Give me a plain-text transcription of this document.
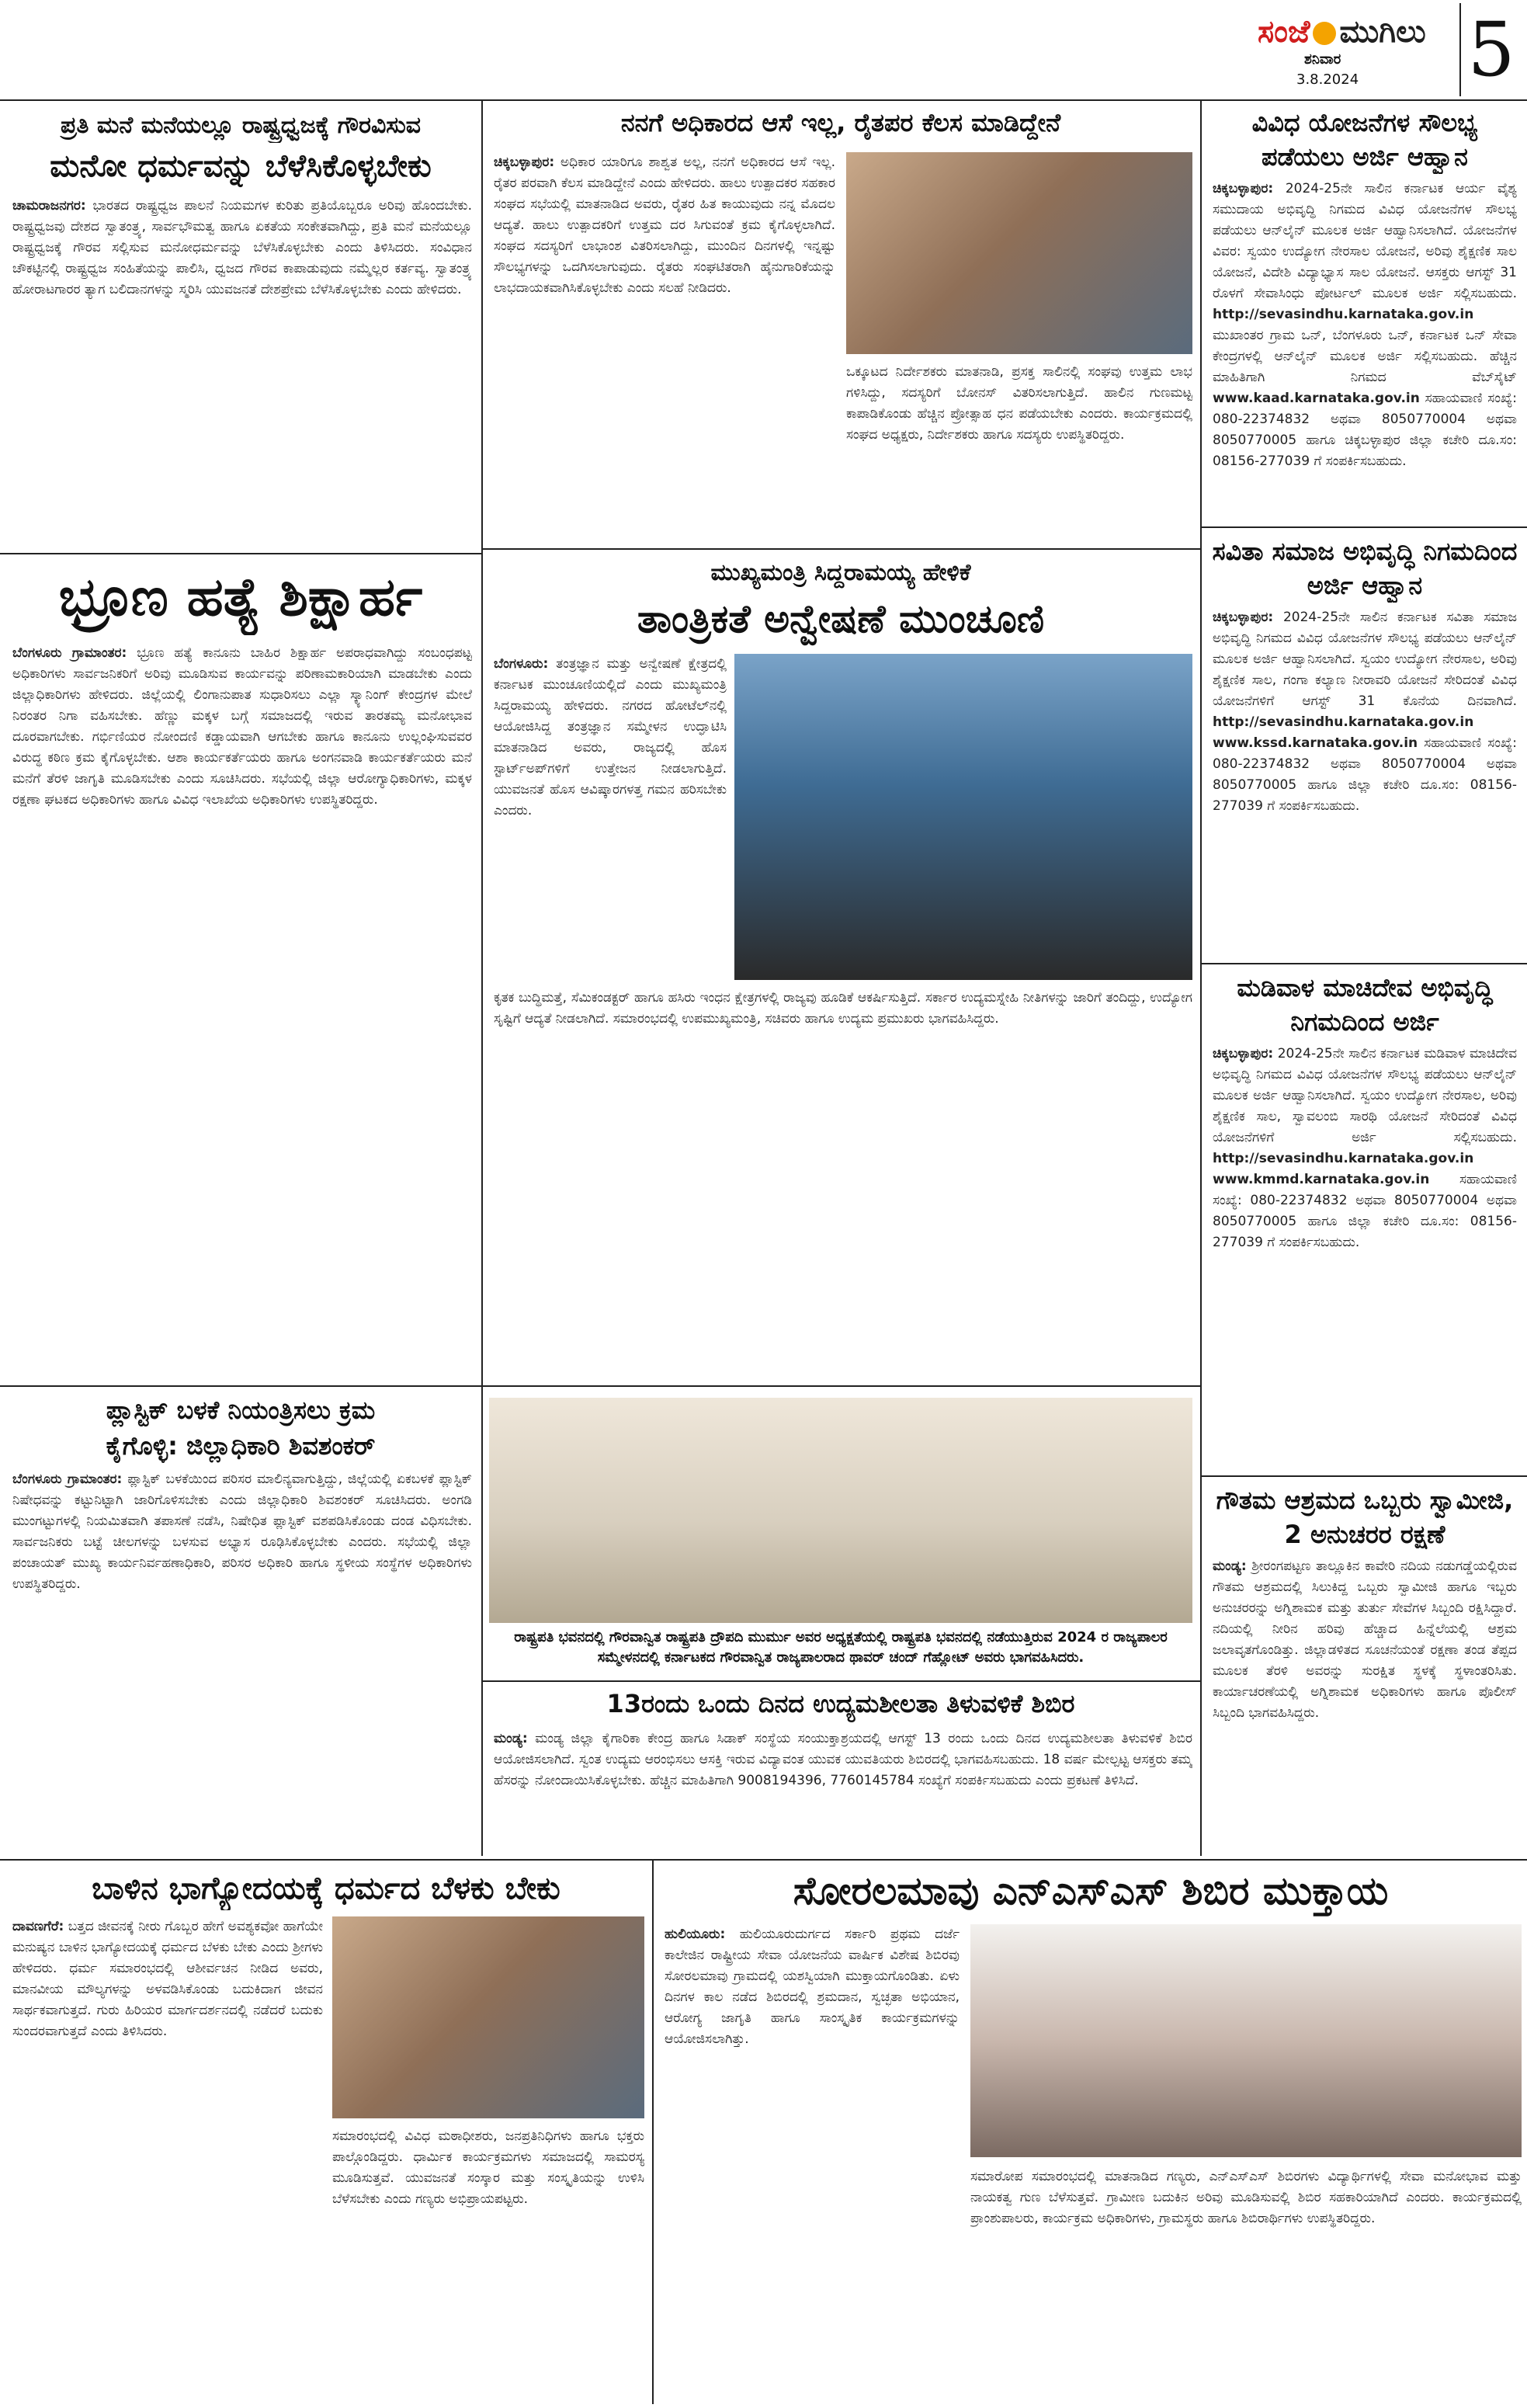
ಸಂಜೆ ಮುಗಿಲು
ಶನಿವಾರ
3.8.2024	5
ಪ್ರತಿ ಮನೆ ಮನೆಯಲ್ಲೂ ರಾಷ್ಟ್ರಧ್ವಜಕ್ಕೆ ಗೌರವಿಸುವ
ಮನೋ ಧರ್ಮವನ್ನು ಬೆಳೆಸಿಕೊಳ್ಳಬೇಕು
ಚಾಮರಾಜನಗರ: ಭಾರತದ ರಾಷ್ಟ್ರಧ್ವಜ ಪಾಲನೆ ನಿಯಮಗಳ ಕುರಿತು ಪ್ರತಿಯೊಬ್ಬರೂ ಅರಿವು ಹೊಂದಬೇಕು. ರಾಷ್ಟ್ರಧ್ವಜವು ದೇಶದ ಸ್ವಾತಂತ್ರ್ಯ, ಸಾರ್ವಭೌಮತ್ವ ಹಾಗೂ ಏಕತೆಯ ಸಂಕೇತವಾಗಿದ್ದು, ಪ್ರತಿ ಮನೆ ಮನೆಯಲ್ಲೂ ರಾಷ್ಟ್ರಧ್ವಜಕ್ಕೆ ಗೌರವ ಸಲ್ಲಿಸುವ ಮನೋಧರ್ಮವನ್ನು ಬೆಳೆಸಿಕೊಳ್ಳಬೇಕು ಎಂದು ತಿಳಿಸಿದರು. ಸಂವಿಧಾನ ಚೌಕಟ್ಟಿನಲ್ಲಿ ರಾಷ್ಟ್ರಧ್ವಜ ಸಂಹಿತೆಯನ್ನು ಪಾಲಿಸಿ, ಧ್ವಜದ ಗೌರವ ಕಾಪಾಡುವುದು ನಮ್ಮೆಲ್ಲರ ಕರ್ತವ್ಯ. ಸ್ವಾತಂತ್ರ್ಯ ಹೋರಾಟಗಾರರ ತ್ಯಾಗ ಬಲಿದಾನಗಳನ್ನು ಸ್ಮರಿಸಿ ಯುವಜನತೆ ದೇಶಪ್ರೇಮ ಬೆಳೆಸಿಕೊಳ್ಳಬೇಕು ಎಂದು ಹೇಳಿದರು.
ನನಗೆ ಅಧಿಕಾರದ ಆಸೆ ಇಲ್ಲ, ರೈತಪರ ಕೆಲಸ ಮಾಡಿದ್ದೇನೆ
ಚಿಕ್ಕಬಳ್ಳಾಪುರ: ಅಧಿಕಾರ ಯಾರಿಗೂ ಶಾಶ್ವತ ಅಲ್ಲ, ನನಗೆ ಅಧಿಕಾರದ ಆಸೆ ಇಲ್ಲ. ರೈತರ ಪರವಾಗಿ ಕೆಲಸ ಮಾಡಿದ್ದೇನೆ ಎಂದು ಹೇಳಿದರು. ಹಾಲು ಉತ್ಪಾದಕರ ಸಹಕಾರ ಸಂಘದ ಸಭೆಯಲ್ಲಿ ಮಾತನಾಡಿದ ಅವರು, ರೈತರ ಹಿತ ಕಾಯುವುದು ನನ್ನ ಮೊದಲ ಆದ್ಯತೆ. ಹಾಲು ಉತ್ಪಾದಕರಿಗೆ ಉತ್ತಮ ದರ ಸಿಗುವಂತೆ ಕ್ರಮ ಕೈಗೊಳ್ಳಲಾಗಿದೆ. ಸಂಘದ ಸದಸ್ಯರಿಗೆ ಲಾಭಾಂಶ ವಿತರಿಸಲಾಗಿದ್ದು, ಮುಂದಿನ ದಿನಗಳಲ್ಲಿ ಇನ್ನಷ್ಟು ಸೌಲಭ್ಯಗಳನ್ನು ಒದಗಿಸಲಾಗುವುದು. ರೈತರು ಸಂಘಟಿತರಾಗಿ ಹೈನುಗಾರಿಕೆಯನ್ನು ಲಾಭದಾಯಕವಾಗಿಸಿಕೊಳ್ಳಬೇಕು ಎಂದು ಸಲಹೆ ನೀಡಿದರು.
ಒಕ್ಕೂಟದ ನಿರ್ದೇಶಕರು ಮಾತನಾಡಿ, ಪ್ರಸಕ್ತ ಸಾಲಿನಲ್ಲಿ ಸಂಘವು ಉತ್ತಮ ಲಾಭ ಗಳಿಸಿದ್ದು, ಸದಸ್ಯರಿಗೆ ಬೋನಸ್ ವಿತರಿಸಲಾಗುತ್ತಿದೆ. ಹಾಲಿನ ಗುಣಮಟ್ಟ ಕಾಪಾಡಿಕೊಂಡು ಹೆಚ್ಚಿನ ಪ್ರೋತ್ಸಾಹ ಧನ ಪಡೆಯಬೇಕು ಎಂದರು. ಕಾರ್ಯಕ್ರಮದಲ್ಲಿ ಸಂಘದ ಅಧ್ಯಕ್ಷರು, ನಿರ್ದೇಶಕರು ಹಾಗೂ ಸದಸ್ಯರು ಉಪಸ್ಥಿತರಿದ್ದರು.
ವಿವಿಧ ಯೋಜನೆಗಳ ಸೌಲಭ್ಯ ಪಡೆಯಲು ಅರ್ಜಿ ಆಹ್ವಾನ
ಚಿಕ್ಕಬಳ್ಳಾಪುರ: 2024-25ನೇ ಸಾಲಿನ ಕರ್ನಾಟಕ ಆರ್ಯ ವೈಶ್ಯ ಸಮುದಾಯ ಅಭಿವೃದ್ಧಿ ನಿಗಮದ ವಿವಿಧ ಯೋಜನೆಗಳ ಸೌಲಭ್ಯ ಪಡೆಯಲು ಆನ್‌ಲೈನ್ ಮೂಲಕ ಅರ್ಜಿ ಆಹ್ವಾನಿಸಲಾಗಿದೆ. ಯೋಜನೆಗಳ ವಿವರ: ಸ್ವಯಂ ಉದ್ಯೋಗ ನೇರಸಾಲ ಯೋಜನೆ, ಅರಿವು ಶೈಕ್ಷಣಿಕ ಸಾಲ ಯೋಜನೆ, ವಿದೇಶಿ ವಿದ್ಯಾಭ್ಯಾಸ ಸಾಲ ಯೋಜನೆ. ಆಸಕ್ತರು ಆಗಸ್ಟ್ 31 ರೊಳಗೆ ಸೇವಾಸಿಂಧು ಪೋರ್ಟಲ್ ಮೂಲಕ ಅರ್ಜಿ ಸಲ್ಲಿಸಬಹುದು. http://sevasindhu.karnataka.gov.in ಮುಖಾಂತರ ಗ್ರಾಮ ಒನ್, ಬೆಂಗಳೂರು ಒನ್, ಕರ್ನಾಟಕ ಒನ್ ಸೇವಾ ಕೇಂದ್ರಗಳಲ್ಲಿ ಆನ್‌ಲೈನ್ ಮೂಲಕ ಅರ್ಜಿ ಸಲ್ಲಿಸಬಹುದು. ಹೆಚ್ಚಿನ ಮಾಹಿತಿಗಾಗಿ ನಿಗಮದ ವೆಬ್‌ಸೈಟ್ www.kaad.karnataka.gov.in ಸಹಾಯವಾಣಿ ಸಂಖ್ಯೆ: 080-22374832 ಅಥವಾ 8050770004 ಅಥವಾ 8050770005 ಹಾಗೂ ಚಿಕ್ಕಬಳ್ಳಾಪುರ ಜಿಲ್ಲಾ ಕಚೇರಿ ದೂ.ಸಂ: 08156-277039 ಗೆ ಸಂಪರ್ಕಿಸಬಹುದು.
ಭ್ರೂಣ ಹತ್ಯೆ ಶಿಕ್ಷಾರ್ಹ
ಬೆಂಗಳೂರು ಗ್ರಾಮಾಂತರ: ಭ್ರೂಣ ಹತ್ಯೆ ಕಾನೂನು ಬಾಹಿರ ಶಿಕ್ಷಾರ್ಹ ಅಪರಾಧವಾಗಿದ್ದು ಸಂಬಂಧಪಟ್ಟ ಅಧಿಕಾರಿಗಳು ಸಾರ್ವಜನಿಕರಿಗೆ ಅರಿವು ಮೂಡಿಸುವ ಕಾರ್ಯವನ್ನು ಪರಿಣಾಮಕಾರಿಯಾಗಿ ಮಾಡಬೇಕು ಎಂದು ಜಿಲ್ಲಾಧಿಕಾರಿಗಳು ಹೇಳಿದರು. ಜಿಲ್ಲೆಯಲ್ಲಿ ಲಿಂಗಾನುಪಾತ ಸುಧಾರಿಸಲು ಎಲ್ಲಾ ಸ್ಕ್ಯಾನಿಂಗ್ ಕೇಂದ್ರಗಳ ಮೇಲೆ ನಿರಂತರ ನಿಗಾ ವಹಿಸಬೇಕು. ಹೆಣ್ಣು ಮಕ್ಕಳ ಬಗ್ಗೆ ಸಮಾಜದಲ್ಲಿ ಇರುವ ತಾರತಮ್ಯ ಮನೋಭಾವ ದೂರವಾಗಬೇಕು. ಗರ್ಭಿಣಿಯರ ನೋಂದಣಿ ಕಡ್ಡಾಯವಾಗಿ ಆಗಬೇಕು ಹಾಗೂ ಕಾನೂನು ಉಲ್ಲಂಘಿಸುವವರ ವಿರುದ್ಧ ಕಠಿಣ ಕ್ರಮ ಕೈಗೊಳ್ಳಬೇಕು. ಆಶಾ ಕಾರ್ಯಕರ್ತೆಯರು ಹಾಗೂ ಅಂಗನವಾಡಿ ಕಾರ್ಯಕರ್ತೆಯರು ಮನೆ ಮನೆಗೆ ತೆರಳಿ ಜಾಗೃತಿ ಮೂಡಿಸಬೇಕು ಎಂದು ಸೂಚಿಸಿದರು. ಸಭೆಯಲ್ಲಿ ಜಿಲ್ಲಾ ಆರೋಗ್ಯಾಧಿಕಾರಿಗಳು, ಮಕ್ಕಳ ರಕ್ಷಣಾ ಘಟಕದ ಅಧಿಕಾರಿಗಳು ಹಾಗೂ ವಿವಿಧ ಇಲಾಖೆಯ ಅಧಿಕಾರಿಗಳು ಉಪಸ್ಥಿತರಿದ್ದರು.
ಮುಖ್ಯಮಂತ್ರಿ ಸಿದ್ದರಾಮಯ್ಯ ಹೇಳಿಕೆ
ತಾಂತ್ರಿಕತೆ ಅನ್ವೇಷಣೆ ಮುಂಚೂಣಿ
ಬೆಂಗಳೂರು: ತಂತ್ರಜ್ಞಾನ ಮತ್ತು ಅನ್ವೇಷಣೆ ಕ್ಷೇತ್ರದಲ್ಲಿ ಕರ್ನಾಟಕ ಮುಂಚೂಣಿಯಲ್ಲಿದೆ ಎಂದು ಮುಖ್ಯಮಂತ್ರಿ ಸಿದ್ದರಾಮಯ್ಯ ಹೇಳಿದರು. ನಗರದ ಹೋಟೆಲ್‌ನಲ್ಲಿ ಆಯೋಜಿಸಿದ್ದ ತಂತ್ರಜ್ಞಾನ ಸಮ್ಮೇಳನ ಉದ್ಘಾಟಿಸಿ ಮಾತನಾಡಿದ ಅವರು, ರಾಜ್ಯದಲ್ಲಿ ಹೊಸ ಸ್ಟಾರ್ಟ್‌ಅಪ್‌ಗಳಿಗೆ ಉತ್ತೇಜನ ನೀಡಲಾಗುತ್ತಿದೆ. ಯುವಜನತೆ ಹೊಸ ಆವಿಷ್ಕಾರಗಳತ್ತ ಗಮನ ಹರಿಸಬೇಕು ಎಂದರು.
ಕೃತಕ ಬುದ್ಧಿಮತ್ತೆ, ಸೆಮಿಕಂಡಕ್ಟರ್ ಹಾಗೂ ಹಸಿರು ಇಂಧನ ಕ್ಷೇತ್ರಗಳಲ್ಲಿ ರಾಜ್ಯವು ಹೂಡಿಕೆ ಆಕರ್ಷಿಸುತ್ತಿದೆ. ಸರ್ಕಾರ ಉದ್ಯಮಸ್ನೇಹಿ ನೀತಿಗಳನ್ನು ಜಾರಿಗೆ ತಂದಿದ್ದು, ಉದ್ಯೋಗ ಸೃಷ್ಟಿಗೆ ಆದ್ಯತೆ ನೀಡಲಾಗಿದೆ. ಸಮಾರಂಭದಲ್ಲಿ ಉಪಮುಖ್ಯಮಂತ್ರಿ, ಸಚಿವರು ಹಾಗೂ ಉದ್ಯಮ ಪ್ರಮುಖರು ಭಾಗವಹಿಸಿದ್ದರು.
ಸವಿತಾ ಸಮಾಜ ಅಭಿವೃದ್ಧಿ ನಿಗಮದಿಂದ ಅರ್ಜಿ ಆಹ್ವಾನ
ಚಿಕ್ಕಬಳ್ಳಾಪುರ: 2024-25ನೇ ಸಾಲಿನ ಕರ್ನಾಟಕ ಸವಿತಾ ಸಮಾಜ ಅಭಿವೃದ್ಧಿ ನಿಗಮದ ವಿವಿಧ ಯೋಜನೆಗಳ ಸೌಲಭ್ಯ ಪಡೆಯಲು ಆನ್‌ಲೈನ್ ಮೂಲಕ ಅರ್ಜಿ ಆಹ್ವಾನಿಸಲಾಗಿದೆ. ಸ್ವಯಂ ಉದ್ಯೋಗ ನೇರಸಾಲ, ಅರಿವು ಶೈಕ್ಷಣಿಕ ಸಾಲ, ಗಂಗಾ ಕಲ್ಯಾಣ ನೀರಾವರಿ ಯೋಜನೆ ಸೇರಿದಂತೆ ವಿವಿಧ ಯೋಜನೆಗಳಿಗೆ ಆಗಸ್ಟ್ 31 ಕೊನೆಯ ದಿನವಾಗಿದೆ. http://sevasindhu.karnataka.gov.in www.kssd.karnataka.gov.in ಸಹಾಯವಾಣಿ ಸಂಖ್ಯೆ: 080-22374832 ಅಥವಾ 8050770004 ಅಥವಾ 8050770005 ಹಾಗೂ ಜಿಲ್ಲಾ ಕಚೇರಿ ದೂ.ಸಂ: 08156-277039 ಗೆ ಸಂಪರ್ಕಿಸಬಹುದು.
ಮಡಿವಾಳ ಮಾಚಿದೇವ ಅಭಿವೃದ್ಧಿ ನಿಗಮದಿಂದ ಅರ್ಜಿ
ಚಿಕ್ಕಬಳ್ಳಾಪುರ: 2024-25ನೇ ಸಾಲಿನ ಕರ್ನಾಟಕ ಮಡಿವಾಳ ಮಾಚಿದೇವ ಅಭಿವೃದ್ಧಿ ನಿಗಮದ ವಿವಿಧ ಯೋಜನೆಗಳ ಸೌಲಭ್ಯ ಪಡೆಯಲು ಆನ್‌ಲೈನ್ ಮೂಲಕ ಅರ್ಜಿ ಆಹ್ವಾನಿಸಲಾಗಿದೆ. ಸ್ವಯಂ ಉದ್ಯೋಗ ನೇರಸಾಲ, ಅರಿವು ಶೈಕ್ಷಣಿಕ ಸಾಲ, ಸ್ವಾವಲಂಬಿ ಸಾರಥಿ ಯೋಜನೆ ಸೇರಿದಂತೆ ವಿವಿಧ ಯೋಜನೆಗಳಿಗೆ ಅರ್ಜಿ ಸಲ್ಲಿಸಬಹುದು. http://sevasindhu.karnataka.gov.in www.kmmd.karnataka.gov.in ಸಹಾಯವಾಣಿ ಸಂಖ್ಯೆ: 080-22374832 ಅಥವಾ 8050770004 ಅಥವಾ 8050770005 ಹಾಗೂ ಜಿಲ್ಲಾ ಕಚೇರಿ ದೂ.ಸಂ: 08156-277039 ಗೆ ಸಂಪರ್ಕಿಸಬಹುದು.
ಪ್ಲಾಸ್ಟಿಕ್ ಬಳಕೆ ನಿಯಂತ್ರಿಸಲು ಕ್ರಮ
ಕೈಗೊಳ್ಳಿ: ಜಿಲ್ಲಾಧಿಕಾರಿ ಶಿವಶಂಕರ್
ಬೆಂಗಳೂರು ಗ್ರಾಮಾಂತರ: ಪ್ಲಾಸ್ಟಿಕ್ ಬಳಕೆಯಿಂದ ಪರಿಸರ ಮಾಲಿನ್ಯವಾಗುತ್ತಿದ್ದು, ಜಿಲ್ಲೆಯಲ್ಲಿ ಏಕಬಳಕೆ ಪ್ಲಾಸ್ಟಿಕ್ ನಿಷೇಧವನ್ನು ಕಟ್ಟುನಿಟ್ಟಾಗಿ ಜಾರಿಗೊಳಿಸಬೇಕು ಎಂದು ಜಿಲ್ಲಾಧಿಕಾರಿ ಶಿವಶಂಕರ್ ಸೂಚಿಸಿದರು. ಅಂಗಡಿ ಮುಂಗಟ್ಟುಗಳಲ್ಲಿ ನಿಯಮಿತವಾಗಿ ತಪಾಸಣೆ ನಡೆಸಿ, ನಿಷೇಧಿತ ಪ್ಲಾಸ್ಟಿಕ್ ವಶಪಡಿಸಿಕೊಂಡು ದಂಡ ವಿಧಿಸಬೇಕು. ಸಾರ್ವಜನಿಕರು ಬಟ್ಟೆ ಚೀಲಗಳನ್ನು ಬಳಸುವ ಅಭ್ಯಾಸ ರೂಢಿಸಿಕೊಳ್ಳಬೇಕು ಎಂದರು. ಸಭೆಯಲ್ಲಿ ಜಿಲ್ಲಾ ಪಂಚಾಯತ್ ಮುಖ್ಯ ಕಾರ್ಯನಿರ್ವಹಣಾಧಿಕಾರಿ, ಪರಿಸರ ಅಧಿಕಾರಿ ಹಾಗೂ ಸ್ಥಳೀಯ ಸಂಸ್ಥೆಗಳ ಅಧಿಕಾರಿಗಳು ಉಪಸ್ಥಿತರಿದ್ದರು.
ರಾಷ್ಟ್ರಪತಿ ಭವನದಲ್ಲಿ ಗೌರವಾನ್ವಿತ ರಾಷ್ಟ್ರಪತಿ ದ್ರೌಪದಿ ಮುರ್ಮು ಅವರ ಅಧ್ಯಕ್ಷತೆಯಲ್ಲಿ ರಾಷ್ಟ್ರಪತಿ ಭವನದಲ್ಲಿ ನಡೆಯುತ್ತಿರುವ 2024 ರ ರಾಜ್ಯಪಾಲರ ಸಮ್ಮೇಳನದಲ್ಲಿ ಕರ್ನಾಟಕದ ಗೌರವಾನ್ವಿತ ರಾಜ್ಯಪಾಲರಾದ ಥಾವರ್ ಚಂದ್ ಗೆಹ್ಲೋಟ್ ಅವರು ಭಾಗವಹಿಸಿದರು.
13ರಂದು ಒಂದು ದಿನದ ಉದ್ಯಮಶೀಲತಾ ತಿಳುವಳಿಕೆ ಶಿಬಿರ
ಮಂಡ್ಯ: ಮಂಡ್ಯ ಜಿಲ್ಲಾ ಕೈಗಾರಿಕಾ ಕೇಂದ್ರ ಹಾಗೂ ಸಿಡಾಕ್ ಸಂಸ್ಥೆಯ ಸಂಯುಕ್ತಾಶ್ರಯದಲ್ಲಿ ಆಗಸ್ಟ್ 13 ರಂದು ಒಂದು ದಿನದ ಉದ್ಯಮಶೀಲತಾ ತಿಳುವಳಿಕೆ ಶಿಬಿರ ಆಯೋಜಿಸಲಾಗಿದೆ. ಸ್ವಂತ ಉದ್ಯಮ ಆರಂಭಿಸಲು ಆಸಕ್ತಿ ಇರುವ ವಿದ್ಯಾವಂತ ಯುವಕ ಯುವತಿಯರು ಶಿಬಿರದಲ್ಲಿ ಭಾಗವಹಿಸಬಹುದು. 18 ವರ್ಷ ಮೇಲ್ಪಟ್ಟ ಆಸಕ್ತರು ತಮ್ಮ ಹೆಸರನ್ನು ನೋಂದಾಯಿಸಿಕೊಳ್ಳಬೇಕು. ಹೆಚ್ಚಿನ ಮಾಹಿತಿಗಾಗಿ 9008194396, 7760145784 ಸಂಖ್ಯೆಗೆ ಸಂಪರ್ಕಿಸಬಹುದು ಎಂದು ಪ್ರಕಟಣೆ ತಿಳಿಸಿದೆ.
ಗೌತಮ ಆಶ್ರಮದ ಒಬ್ಬರು ಸ್ವಾಮೀಜಿ, 2 ಅನುಚರರ ರಕ್ಷಣೆ
ಮಂಡ್ಯ: ಶ್ರೀರಂಗಪಟ್ಟಣ ತಾಲ್ಲೂಕಿನ ಕಾವೇರಿ ನದಿಯ ನಡುಗಡ್ಡೆಯಲ್ಲಿರುವ ಗೌತಮ ಆಶ್ರಮದಲ್ಲಿ ಸಿಲುಕಿದ್ದ ಒಬ್ಬರು ಸ್ವಾಮೀಜಿ ಹಾಗೂ ಇಬ್ಬರು ಅನುಚರರನ್ನು ಅಗ್ನಿಶಾಮಕ ಮತ್ತು ತುರ್ತು ಸೇವೆಗಳ ಸಿಬ್ಬಂದಿ ರಕ್ಷಿಸಿದ್ದಾರೆ. ನದಿಯಲ್ಲಿ ನೀರಿನ ಹರಿವು ಹೆಚ್ಚಾದ ಹಿನ್ನೆಲೆಯಲ್ಲಿ ಆಶ್ರಮ ಜಲಾವೃತಗೊಂಡಿತ್ತು. ಜಿಲ್ಲಾಡಳಿತದ ಸೂಚನೆಯಂತೆ ರಕ್ಷಣಾ ತಂಡ ತೆಪ್ಪದ ಮೂಲಕ ತೆರಳಿ ಅವರನ್ನು ಸುರಕ್ಷಿತ ಸ್ಥಳಕ್ಕೆ ಸ್ಥಳಾಂತರಿಸಿತು. ಕಾರ್ಯಾಚರಣೆಯಲ್ಲಿ ಅಗ್ನಿಶಾಮಕ ಅಧಿಕಾರಿಗಳು ಹಾಗೂ ಪೊಲೀಸ್ ಸಿಬ್ಬಂದಿ ಭಾಗವಹಿಸಿದ್ದರು.
ಬಾಳಿನ ಭಾಗ್ಯೋದಯಕ್ಕೆ ಧರ್ಮದ ಬೆಳಕು ಬೇಕು
ದಾವಣಗೆರೆ: ಬತ್ತದ ಜೀವನಕ್ಕೆ ನೀರು ಗೊಬ್ಬರ ಹೇಗೆ ಅವಶ್ಯಕವೋ ಹಾಗೆಯೇ ಮನುಷ್ಯನ ಬಾಳಿನ ಭಾಗ್ಯೋದಯಕ್ಕೆ ಧರ್ಮದ ಬೆಳಕು ಬೇಕು ಎಂದು ಶ್ರೀಗಳು ಹೇಳಿದರು. ಧರ್ಮ ಸಮಾರಂಭದಲ್ಲಿ ಆಶೀರ್ವಚನ ನೀಡಿದ ಅವರು, ಮಾನವೀಯ ಮೌಲ್ಯಗಳನ್ನು ಅಳವಡಿಸಿಕೊಂಡು ಬದುಕಿದಾಗ ಜೀವನ ಸಾರ್ಥಕವಾಗುತ್ತದೆ. ಗುರು ಹಿರಿಯರ ಮಾರ್ಗದರ್ಶನದಲ್ಲಿ ನಡೆದರೆ ಬದುಕು ಸುಂದರವಾಗುತ್ತದೆ ಎಂದು ತಿಳಿಸಿದರು.
ಸಮಾರಂಭದಲ್ಲಿ ವಿವಿಧ ಮಠಾಧೀಶರು, ಜನಪ್ರತಿನಿಧಿಗಳು ಹಾಗೂ ಭಕ್ತರು ಪಾಲ್ಗೊಂಡಿದ್ದರು. ಧಾರ್ಮಿಕ ಕಾರ್ಯಕ್ರಮಗಳು ಸಮಾಜದಲ್ಲಿ ಸಾಮರಸ್ಯ ಮೂಡಿಸುತ್ತವೆ. ಯುವಜನತೆ ಸಂಸ್ಕಾರ ಮತ್ತು ಸಂಸ್ಕೃತಿಯನ್ನು ಉಳಿಸಿ ಬೆಳೆಸಬೇಕು ಎಂದು ಗಣ್ಯರು ಅಭಿಪ್ರಾಯಪಟ್ಟರು.
ಸೋರಲಮಾವು ಎನ್‌ಎಸ್‌ಎಸ್ ಶಿಬಿರ ಮುಕ್ತಾಯ
ಹುಲಿಯೂರು: ಹುಲಿಯೂರುದುರ್ಗದ ಸರ್ಕಾರಿ ಪ್ರಥಮ ದರ್ಜೆ ಕಾಲೇಜಿನ ರಾಷ್ಟ್ರೀಯ ಸೇವಾ ಯೋಜನೆಯ ವಾರ್ಷಿಕ ವಿಶೇಷ ಶಿಬಿರವು ಸೋರಲಮಾವು ಗ್ರಾಮದಲ್ಲಿ ಯಶಸ್ವಿಯಾಗಿ ಮುಕ್ತಾಯಗೊಂಡಿತು. ಏಳು ದಿನಗಳ ಕಾಲ ನಡೆದ ಶಿಬಿರದಲ್ಲಿ ಶ್ರಮದಾನ, ಸ್ವಚ್ಛತಾ ಅಭಿಯಾನ, ಆರೋಗ್ಯ ಜಾಗೃತಿ ಹಾಗೂ ಸಾಂಸ್ಕೃತಿಕ ಕಾರ್ಯಕ್ರಮಗಳನ್ನು ಆಯೋಜಿಸಲಾಗಿತ್ತು.
ಸಮಾರೋಪ ಸಮಾರಂಭದಲ್ಲಿ ಮಾತನಾಡಿದ ಗಣ್ಯರು, ಎನ್‌ಎಸ್‌ಎಸ್ ಶಿಬಿರಗಳು ವಿದ್ಯಾರ್ಥಿಗಳಲ್ಲಿ ಸೇವಾ ಮನೋಭಾವ ಮತ್ತು ನಾಯಕತ್ವ ಗುಣ ಬೆಳೆಸುತ್ತವೆ. ಗ್ರಾಮೀಣ ಬದುಕಿನ ಅರಿವು ಮೂಡಿಸುವಲ್ಲಿ ಶಿಬಿರ ಸಹಕಾರಿಯಾಗಿದೆ ಎಂದರು. ಕಾರ್ಯಕ್ರಮದಲ್ಲಿ ಪ್ರಾಂಶುಪಾಲರು, ಕಾರ್ಯಕ್ರಮ ಅಧಿಕಾರಿಗಳು, ಗ್ರಾಮಸ್ಥರು ಹಾಗೂ ಶಿಬಿರಾರ್ಥಿಗಳು ಉಪಸ್ಥಿತರಿದ್ದರು.
